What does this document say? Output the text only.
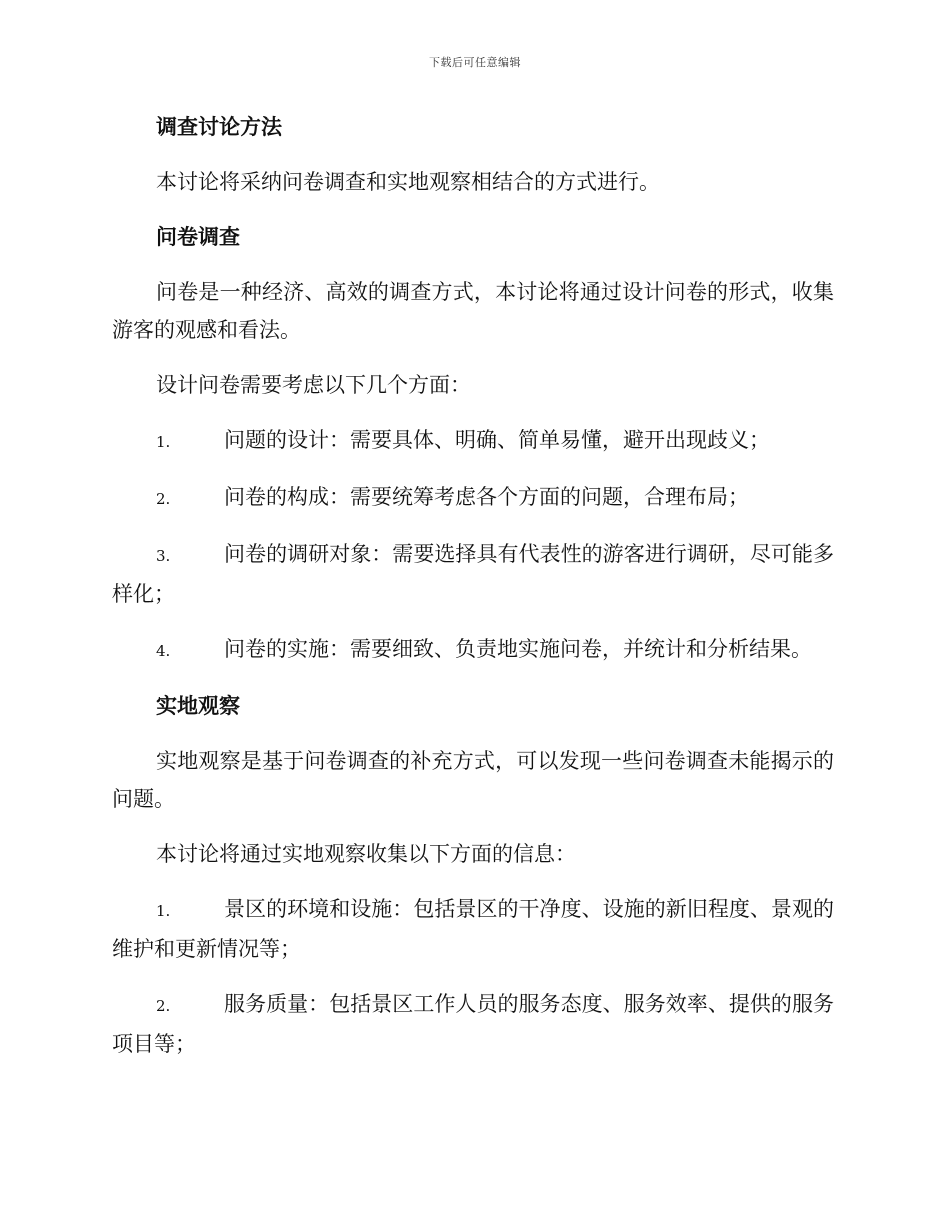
下载后可任意编辑
调查讨论方法
本讨论将采纳问卷调查和实地观察相结合的方式进行。
问卷调查
问卷是一种经济、高效的调查方式，本讨论将通过设计问卷的形式，收集游客的观感和看法。
设计问卷需要考虑以下几个方面：
1.	问题的设计：需要具体、明确、简单易懂，避开出现歧义；
2.	问卷的构成：需要统筹考虑各个方面的问题，合理布局；
3.	问卷的调研对象：需要选择具有代表性的游客进行调研，尽可能多样化；
4.	问卷的实施：需要细致、负责地实施问卷，并统计和分析结果。
实地观察
实地观察是基于问卷调查的补充方式，可以发现一些问卷调查未能揭示的问题。
本讨论将通过实地观察收集以下方面的信息：
1.	景区的环境和设施：包括景区的干净度、设施的新旧程度、景观的维护和更新情况等；
2.	服务质量：包括景区工作人员的服务态度、服务效率、提供的服务项目等；
